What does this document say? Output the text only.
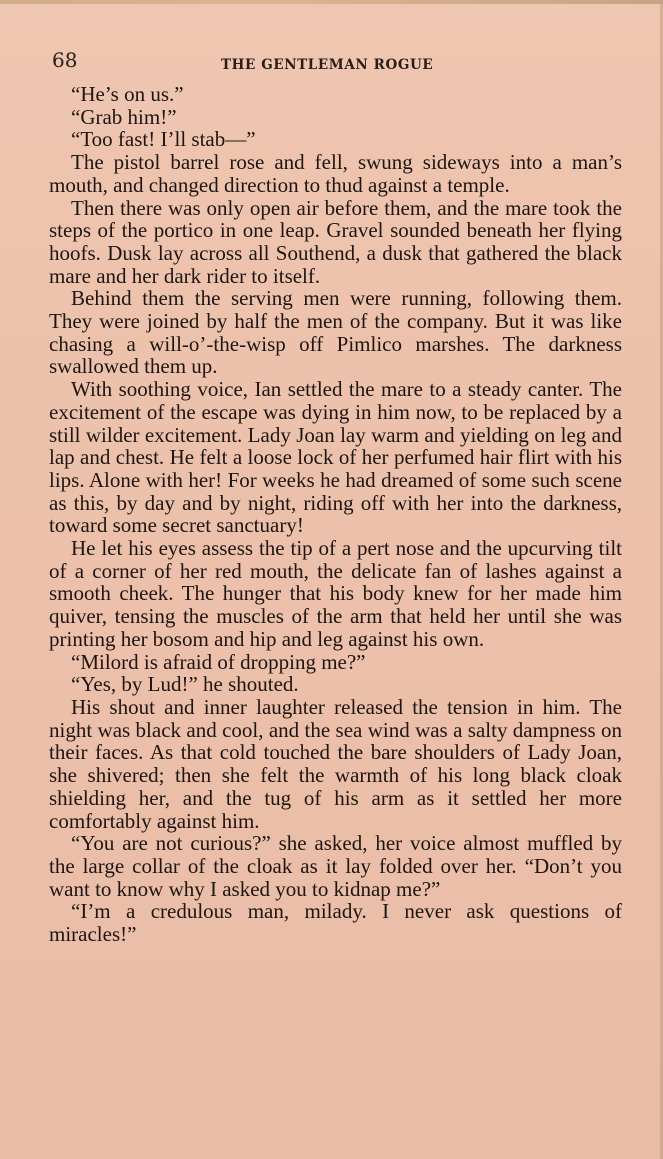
68	THE GENTLEMAN ROGUE

“He’s on us.”

“Grab him!”

“Too fast! I’ll stab—”

The pistol barrel rose and fell, swung sideways into a man’s mouth, and changed direction to thud against a temple.

Then there was only open air before them, and the mare took the steps of the portico in one leap. Gravel sounded beneath her flying hoofs. Dusk lay across all Southend, a dusk that gathered the black mare and her dark rider to itself.

Behind them the serving men were running, following them. They were joined by half the men of the company. But it was like chasing a will-o’-the-wisp off Pimlico marshes. The darkness swallowed them up.

With soothing voice, Ian settled the mare to a steady canter. The excitement of the escape was dying in him now, to be replaced by a still wilder excitement. Lady Joan lay warm and yielding on leg and lap and chest. He felt a loose lock of her perfumed hair flirt with his lips. Alone with her! For weeks he had dreamed of some such scene as this, by day and by night, riding off with her into the darkness, toward some secret sanctuary!

He let his eyes assess the tip of a pert nose and the upcurving tilt of a corner of her red mouth, the delicate fan of lashes against a smooth cheek. The hunger that his body knew for her made him quiver, tensing the muscles of the arm that held her until she was printing her bosom and hip and leg against his own.

“Milord is afraid of dropping me?”

“Yes, by Lud!” he shouted.

His shout and inner laughter released the tension in him. The night was black and cool, and the sea wind was a salty dampness on their faces. As that cold touched the bare shoulders of Lady Joan, she shivered; then she felt the warmth of his long black cloak shielding her, and the tug of his arm as it settled her more comfortably against him.

“You are not curious?” she asked, her voice almost muffled by the large collar of the cloak as it lay folded over her. “Don’t you want to know why I asked you to kidnap me?”

“I’m a credulous man, milady. I never ask questions of miracles!”
